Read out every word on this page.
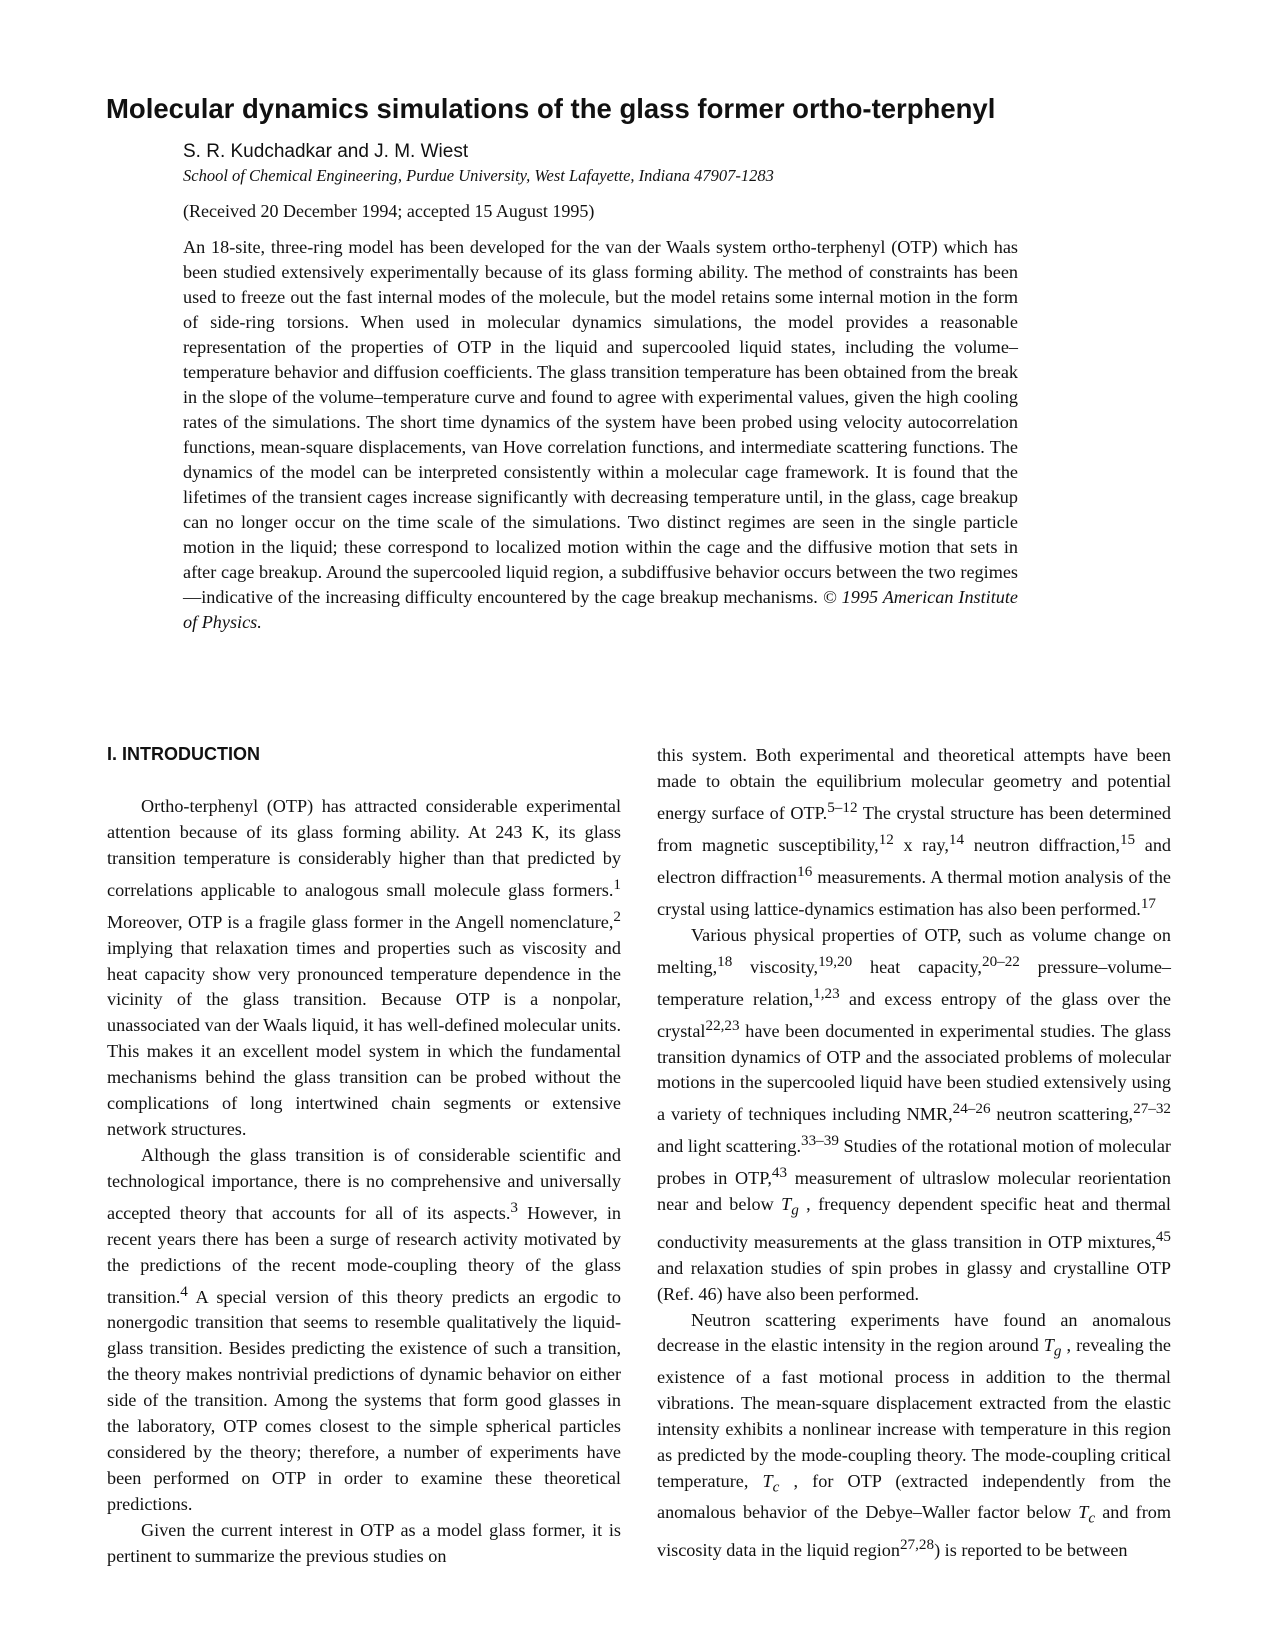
Molecular dynamics simulations of the glass former ortho-terphenyl
S. R. Kudchadkar and J. M. Wiest
School of Chemical Engineering, Purdue University, West Lafayette, Indiana 47907-1283
(Received 20 December 1994; accepted 15 August 1995)

An 18-site, three-ring model has been developed for the van der Waals system ortho-terphenyl (OTP) which has been studied extensively experimentally because of its glass forming ability. The method of constraints has been used to freeze out the fast internal modes of the molecule, but the model retains some internal motion in the form of side-ring torsions. When used in molecular dynamics simulations, the model provides a reasonable representation of the properties of OTP in the liquid and supercooled liquid states, including the volume–temperature behavior and diffusion coefficients. The glass transition temperature has been obtained from the break in the slope of the volume–temperature curve and found to agree with experimental values, given the high cooling rates of the simulations. The short time dynamics of the system have been probed using velocity autocorrelation functions, mean-square displacements, van Hove correlation functions, and intermediate scattering functions. The dynamics of the model can be interpreted consistently within a molecular cage framework. It is found that the lifetimes of the transient cages increase significantly with decreasing temperature until, in the glass, cage breakup can no longer occur on the time scale of the simulations. Two distinct regimes are seen in the single particle motion in the liquid; these correspond to localized motion within the cage and the diffusive motion that sets in after cage breakup. Around the supercooled liquid region, a subdiffusive behavior occurs between the two regimes—indicative of the increasing difficulty encountered by the cage breakup mechanisms. © 1995 American Institute of Physics.

I. INTRODUCTION

Ortho-terphenyl (OTP) has attracted considerable experimental attention because of its glass forming ability. At 243 K, its glass transition temperature is considerably higher than that predicted by correlations applicable to analogous small molecule glass formers.$^1$ Moreover, OTP is a fragile glass former in the Angell nomenclature,$^2$ implying that relaxation times and properties such as viscosity and heat capacity show very pronounced temperature dependence in the vicinity of the glass transition. Because OTP is a nonpolar, unassociated van der Waals liquid, it has well-defined molecular units. This makes it an excellent model system in which the fundamental mechanisms behind the glass transition can be probed without the complications of long intertwined chain segments or extensive network structures.

Although the glass transition is of considerable scientific and technological importance, there is no comprehensive and universally accepted theory that accounts for all of its aspects.$^3$ However, in recent years there has been a surge of research activity motivated by the predictions of the recent mode-coupling theory of the glass transition.$^4$ A special version of this theory predicts an ergodic to nonergodic transition that seems to resemble qualitatively the liquid-glass transition. Besides predicting the existence of such a transition, the theory makes nontrivial predictions of dynamic behavior on either side of the transition. Among the systems that form good glasses in the laboratory, OTP comes closest to the simple spherical particles considered by the theory; therefore, a number of experiments have been performed on OTP in order to examine these theoretical predictions.

Given the current interest in OTP as a model glass former, it is pertinent to summarize the previous studies on

this system. Both experimental and theoretical attempts have been made to obtain the equilibrium molecular geometry and potential energy surface of OTP.$^{5-12}$ The crystal structure has been determined from magnetic susceptibility,$^{12}$ x ray,$^{14}$ neutron diffraction,$^{15}$ and electron diffraction$^{16}$ measurements. A thermal motion analysis of the crystal using lattice-dynamics estimation has also been performed.$^{17}$

Various physical properties of OTP, such as volume change on melting,$^{18}$ viscosity,$^{19,20}$ heat capacity,$^{20-22}$ pressure–volume–temperature relation,$^{1,23}$ and excess entropy of the glass over the crystal$^{22,23}$ have been documented in experimental studies. The glass transition dynamics of OTP and the associated problems of molecular motions in the supercooled liquid have been studied extensively using a variety of techniques including NMR,$^{24-26}$ neutron scattering,$^{27-32}$ and light scattering.$^{33-39}$ Studies of the rotational motion of molecular probes in OTP,$^{43}$ measurement of ultraslow molecular reorientation near and below $T_g$ , frequency dependent specific heat and thermal conductivity measurements at the glass transition in OTP mixtures,$^{45}$ and relaxation studies of spin probes in glassy and crystalline OTP (Ref. 46) have also been performed.

Neutron scattering experiments have found an anomalous decrease in the elastic intensity in the region around $T_g$ , revealing the existence of a fast motional process in addition to the thermal vibrations. The mean-square displacement extracted from the elastic intensity exhibits a nonlinear increase with temperature in this region as predicted by the mode-coupling theory. The mode-coupling critical temperature, $T_c$ , for OTP (extracted independently from the anomalous behavior of the Debye–Waller factor below $T_c$ and from viscosity data in the liquid region$^{27,28}$) is reported to be between
